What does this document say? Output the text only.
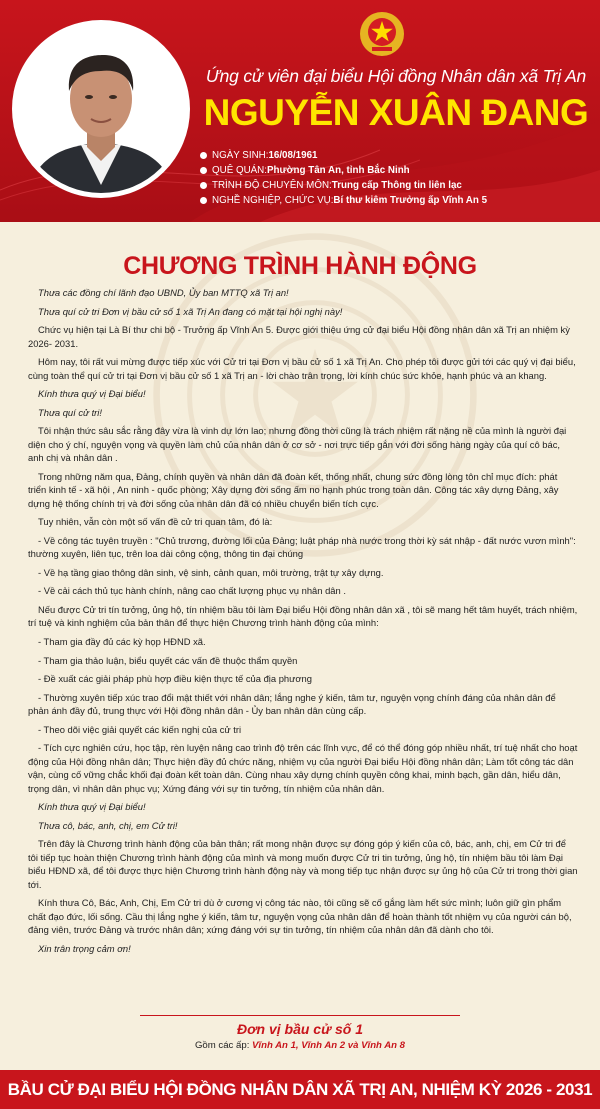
Ứng cử viên đại biểu Hội đồng Nhân dân xã Trị An
NGUYỄN XUÂN ĐANG
NGÀY SINH: 16/08/1961
QUÊ QUÁN: Phường Tân An, tỉnh Bắc Ninh
TRÌNH ĐỘ CHUYÊN MÔN: Trung cấp Thông tin liên lạc
NGHỀ NGHIỆP, CHỨC VỤ: Bí thư kiêm Trưởng ấp Vĩnh An 5
CHƯƠNG TRÌNH HÀNH ĐỘNG

Thưa các đồng chí lãnh đạo UBND, Ủy ban MTTQ xã Trị an!

Thưa quí cử tri Đơn vị bầu cử số 1 xã Trị An đang có mặt tại hội nghị này!

Chức vụ hiện tại Là Bí thư chi bộ - Trưởng ấp Vĩnh An 5. Được giới thiệu ứng cử đại biểu Hội đồng nhân dân xã Trị an nhiệm kỳ 2026- 2031.

Hôm nay, tôi rất vui mừng được tiếp xúc với Cử tri tại Đơn vị bầu cử số 1 xã Trị An. Cho phép tôi được gửi tới các quý vị đại biểu, cùng toàn thể quí cử tri tại Đơn vị bầu cử số 1 xã Trị an - lời chào trân trọng, lời kính chúc sức khỏe, hạnh phúc và an khang.

Kính thưa quý vị Đại biểu!

Thưa quí cử tri!

Tôi nhận thức sâu sắc rằng đây vừa là vinh dự lớn lao; nhưng đồng thời cũng là trách nhiệm rất nặng nề của mình là người đại diện cho ý chí, nguyện vọng và quyền làm chủ của nhân dân ở cơ sở - nơi trực tiếp gắn với đời sống hàng ngày của quí cô bác, anh chị và nhân dân .

Trong những năm qua, Đảng, chính quyền và nhân dân đã đoàn kết, thống nhất, chung sức đồng lòng tôn chỉ mục đích: phát triển kinh tế - xã hội , An ninh - quốc phòng; Xây dựng đời sống ấm no hạnh phúc trong toàn dân. Công tác xây dựng Đảng, xây dựng hệ thống chính trị và đời sống của nhân dân đã có nhiều chuyển biến tích cực.

Tuy nhiên, vẫn còn một số vấn đề cử tri quan tâm, đó là:

- Về công tác tuyên truyền : "Chủ trương, đường lối của Đảng; luật pháp nhà nước trong thời kỳ sát nhập - đất nước vươn mình": thường xuyên, liên tục, trên loa dài công cộng, thông tin đại chúng

- Về hạ tầng giao thông dân sinh, vệ sinh, cảnh quan, môi trường, trật tự xây dựng.

- Về cải cách thủ tục hành chính, nâng cao chất lượng phục vụ nhân dân .

Nếu được Cử tri tín tưởng, ủng hộ, tín nhiệm bầu tôi làm Đại biểu Hội đồng nhân dân xã , tôi sẽ mang hết tâm huyết, trách nhiệm, trí tuệ và kinh nghiệm của bản thân để thực hiện Chương trình hành động của mình:

- Tham gia đầy đủ các kỳ họp HĐND xã.

- Tham gia thảo luận, biểu quyết các vấn đề thuộc thẩm quyền

- Đề xuất các giải pháp phù hợp điều kiện thực tế của địa phương

- Thường xuyên tiếp xúc trao đổi mật thiết với nhân dân; lắng nghe ý kiến, tâm tư, nguyện vọng chính đáng của nhân dân để phản ánh đầy đủ, trung thực với Hội đồng nhân dân - Ủy ban nhân dân cùng cấp.

- Theo dõi việc giải quyết các kiến nghị của cử tri

- Tích cực nghiên cứu, học tập, rèn luyện nâng cao trình độ trên các lĩnh vực, để có thể đóng góp nhiều nhất, trí tuệ nhất cho hoạt động của Hội đồng nhân dân; Thực hiện đầy đủ chức năng, nhiệm vụ của người Đại biểu Hội đồng nhân dân; Làm tốt công tác dân vận, cùng cố vững chắc khối đại đoàn kết toàn dân. Cùng nhau xây dựng chính quyền công khai, minh bạch, gần dân, hiểu dân, trọng dân, vì nhân dân phục vụ; Xứng đáng với sự tin tưởng, tín nhiệm của nhân dân.

Kính thưa quý vị Đại biểu!

Thưa cô, bác, anh, chị, em Cử tri!

Trên đây là Chương trình hành động của bản thân; rất mong nhận được sự đóng góp ý kiến của cô, bác, anh, chị, em Cử tri để tôi tiếp tục hoàn thiện Chương trình hành động của mình và mong muốn được Cử tri tin tưởng, ủng hộ, tín nhiệm bầu tôi làm Đại biểu HĐND xã, để tôi được thực hiện Chương trình hành động này và mong tiếp tục nhận được sự ủng hộ của Cử tri trong thời gian tới.

Kính thưa Cô, Bác, Anh, Chị, Em Cử tri dù ở cương vị công tác nào, tôi cũng sẽ cố gắng làm hết sức mình; luôn giữ gìn phẩm chất đạo đức, lối sống. Cầu thị lắng nghe ý kiến, tâm tư, nguyện vọng của nhân dân để hoàn thành tốt nhiệm vụ của người cán bộ, đảng viên, trước Đảng và trước nhân dân; xứng đáng với sự tin tưởng, tín nhiệm của nhân dân đã dành cho tôi.

Xin trân trọng cảm ơn!

Đơn vị bầu cử số 1
Gồm các ấp: Vĩnh An 1, Vĩnh An 2 và Vĩnh An 8
BẦU CỬ ĐẠI BIỂU HỘI ĐỒNG NHÂN DÂN XÃ TRỊ AN, NHIỆM KỲ 2026 - 2031
